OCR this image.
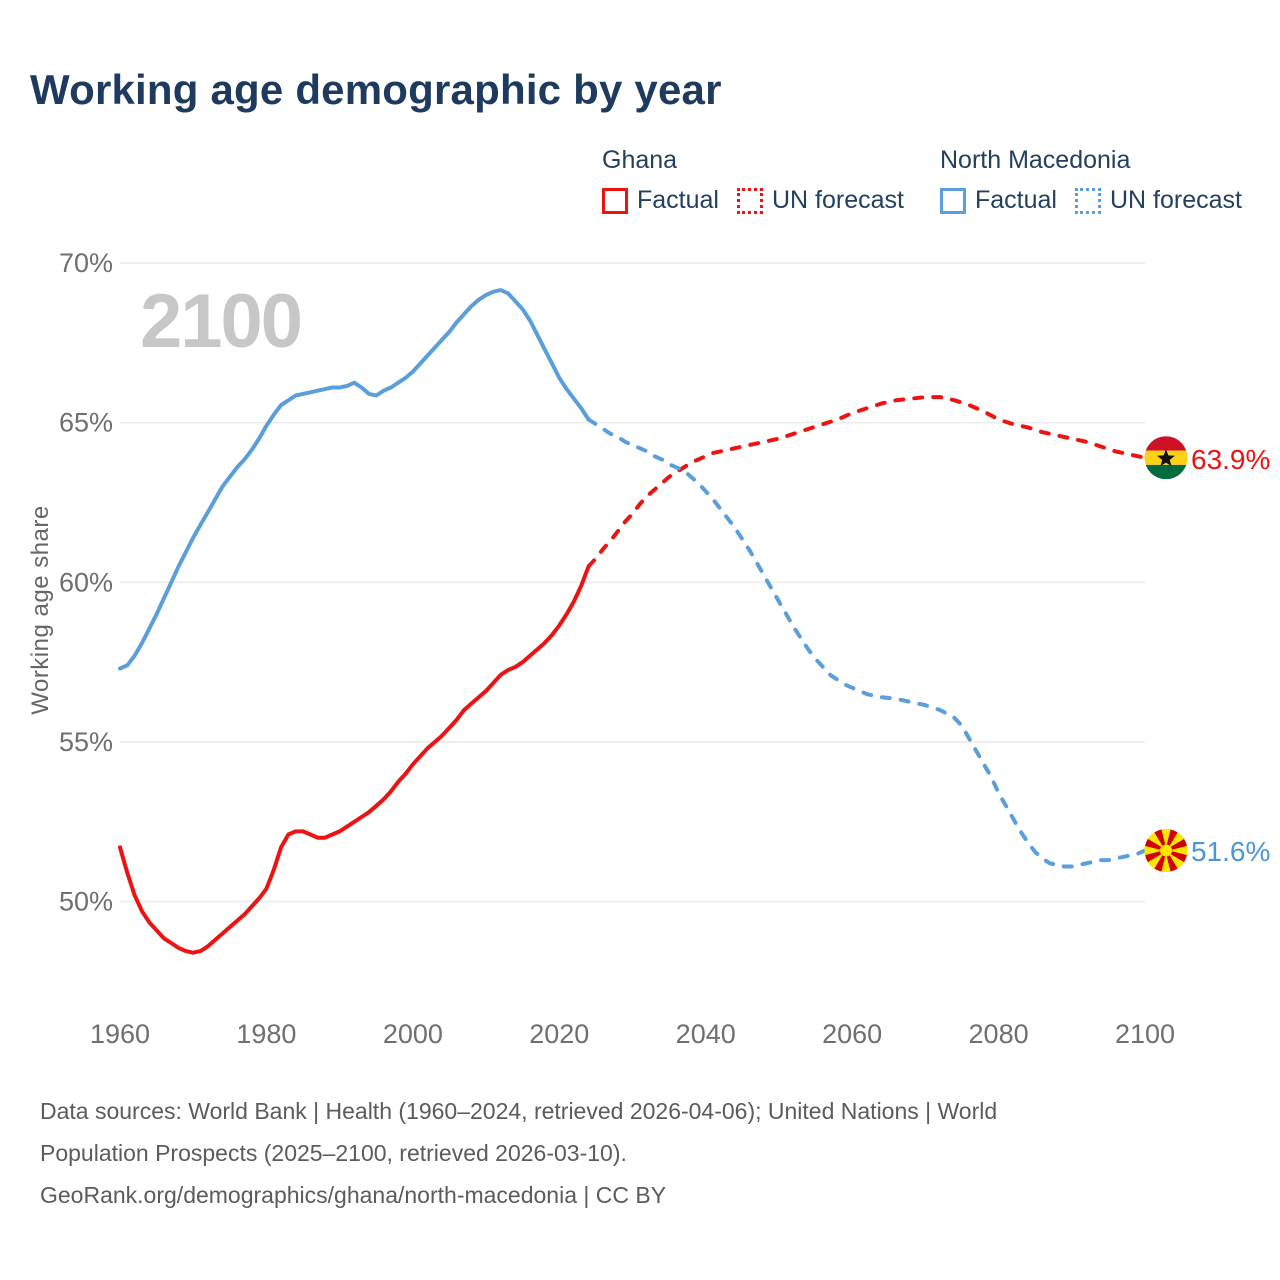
Working age demographic by year
Ghana
Factual UN forecast
North Macedonia
Factual UN forecast
70%
65%
60%
55%
50%
2100
Working age share
1960	1980	2000	2020	2040	2060	2080	2100
63.9%
51.6%
Data sources: World Bank | Health (1960–2024, retrieved 2026-04-06); United Nations | World
Population Prospects (2025–2100, retrieved 2026-03-10).
GeoRank.org/demographics/ghana/north-macedonia | CC BY
